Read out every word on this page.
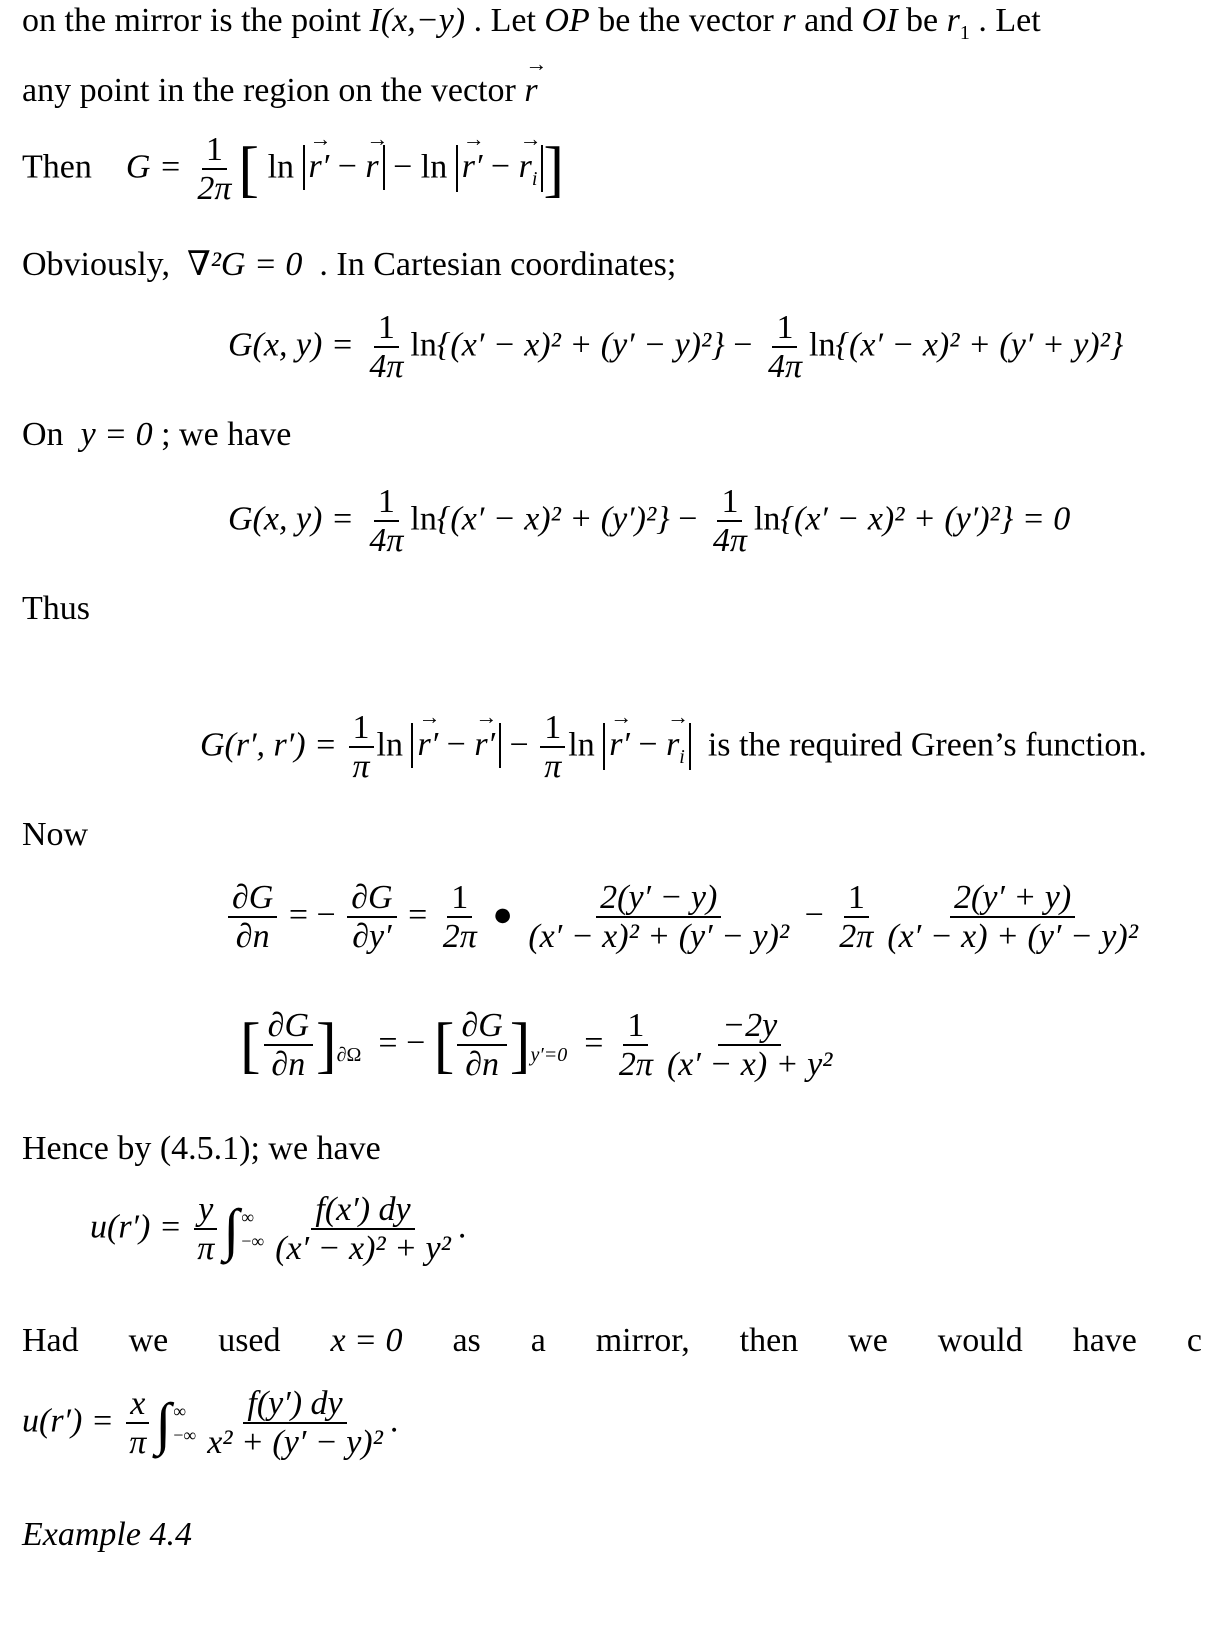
on the mirror is the point I(x,−y) . Let OP be the vector → r and OI be → $r_1$ . Let
any point in the region on the vector → r
Then $G = \frac{1}{2\pi}$ [ ln → r′ − → r − ln → r′ − → $r_i$]
Obviously, ∇²G = 0 . In Cartesian coordinates;
G(x, $y) = \frac{1}{4\pi} \ln\{(x' - x)^2 + (y' - y)^2\} - \frac{1}{4\pi} \ln\{(x' - x)^2 + (y' + y)^2\}$
On y = 0 ; we have
G(x, $y) = \frac{1}{4\pi} \ln\{(x' - x)^2 + (y')^2\} - \frac{1}{4\pi} \ln\{(x' - x)^2 + (y')^2\} = 0$
Thus
G(r′, $r') = \frac{1}{\pi}$ ln → r′ − → $r' - \frac{1}{\pi}$ ln → r′ − → $r_i$ is the required Green’s function.
Now
$\frac{\partial G}{\partial n}$ = − $\frac{\partial G}{\partial y'} = \frac{1}{2\pi}$ ● $\frac{2(y' - y)}{\text{(x′ − x)² + (y′ − y)²}} - \frac{1}{2\pi} \frac{2(y' + y)}{\text{(x′ − x) + (y′ − y)²}}$
[ $\frac{\partial G}{\partial n} ]_{\partial\Omega}$  = − [ $\frac{\partial G}{\partial n} ]_{y'=0} = \frac{1}{2\pi} \frac{-2y}{\text{(x′ − x) + y²}}$
Hence by (4.5.1); we have
$u(r') = \frac{y}{\pi}$ ∫ ∞
−∞ $\frac{f(x') dy}{\text{(x′ − x)² + y²}}$ .
Had we used x = 0 as a mirror, then we would have c
$u(r') = \frac{x}{\pi}$ ∫ ∞
−∞ $\frac{f(y') dy}{\text{x² + (y′ − y)²}}$ .
Example 4.4
